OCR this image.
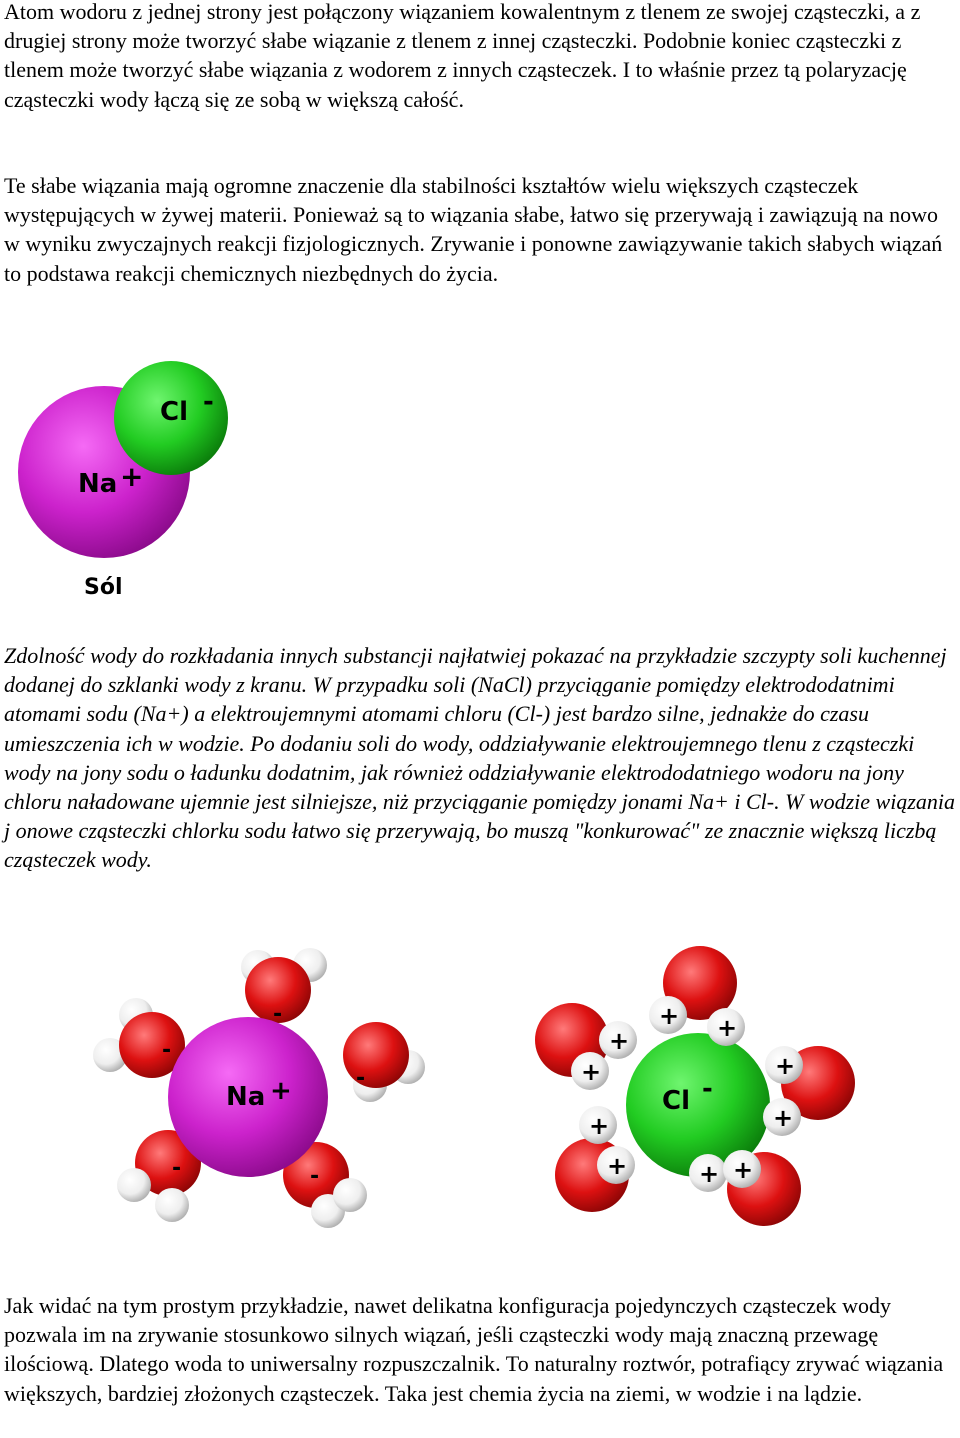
Atom wodoru z jednej strony jest połączony wiązaniem kowalentnym z tlenem ze swojej cząsteczki, a z drugiej strony może tworzyć słabe wiązanie z tlenem z innej cząsteczki. Podobnie koniec cząsteczki z tlenem może tworzyć słabe wiązania z wodorem z innych cząsteczek. I to właśnie przez tą polaryzację cząsteczki wody łączą się ze sobą w większą całość.

Te słabe wiązania mają ogromne znaczenie dla stabilności kształtów wielu większych cząsteczek występujących w żywej materii. Ponieważ są to wiązania słabe, łatwo się przerywają i zawiązują na nowo w wyniku zwyczajnych reakcji fizjologicznych. Zrywanie i ponowne zawiązywanie takich słabych wiązań to podstawa reakcji chemicznych niezbędnych do życia.

Na +
Cl -
Sól

Zdolność wody do rozkładania innych substancji najłatwiej pokazać na przykładzie szczypty soli kuchennej dodanej do szklanki wody z kranu. W przypadku soli (NaCl) przyciąganie pomiędzy elektrododatnimi atomami sodu (Na+) a elektroujemnymi atomami chloru (Cl-) jest bardzo silne, jednakże do czasu umieszczenia ich w wodzie. Po dodaniu soli do wody, oddziaływanie elektroujemnego tlenu z cząsteczki wody na jony sodu o ładunku dodatnim, jak również oddziaływanie elektrododatniego wodoru na jony chloru naładowane ujemnie jest silniejsze, niż przyciąganie pomiędzy jonami Na+ i Cl-. W wodzie wiązania j onowe cząsteczki chlorku sodu łatwo się przerywają, bo muszą "konkurować" ze znacznie większą liczbą cząsteczek wody.

Na +
-
-
-
-	-
Cl -
+ +
+
+	+
+
+
+	+ +

Jak widać na tym prostym przykładzie, nawet delikatna konfiguracja pojedynczych cząsteczek wody pozwala im na zrywanie stosunkowo silnych wiązań, jeśli cząsteczki wody mają znaczną przewagę ilościową. Dlatego woda to uniwersalny rozpuszczalnik. To naturalny roztwór, potrafiący zrywać wiązania większych, bardziej złożonych cząsteczek. Taka jest chemia życia na ziemi, w wodzie i na lądzie.
